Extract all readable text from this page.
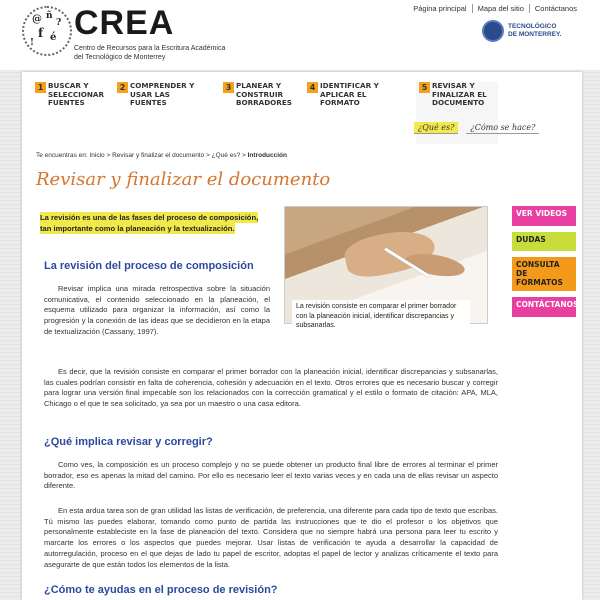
@ ñ
?
f é
!
CREA
Centro de Recursos para la Escritura Académica
del Tecnológico de Monterrey
Página principal	Mapa del sitio	Contáctanos
TECNOLÓGICO
DE MONTERREY.
1 BUSCAR Y SELECCIONAR FUENTES
2 COMPRENDER Y USAR LAS FUENTES
3 PLANEAR Y CONSTRUIR BORRADORES
4 IDENTIFICAR Y APLICAR EL FORMATO
5 REVISAR Y FINALIZAR EL DOCUMENTO
¿Qué es?	¿Cómo se hace?
Te encuentras en: Inicio > Revisar y finalizar el documento > ¿Qué es? > Introducción
Revisar y finalizar el documento
La revisión es una de las fases del proceso de composición, tan importante como la planeación y la textualización.
La revisión del proceso de composición
Revisar implica una mirada retrospectiva sobre la situación comunicativa, el contenido seleccionado en la planeación, el esquema utilizado para organizar la información, así como la progresión y la conexión de las ideas que se decidieron en la etapa de textualización (Cassany, 1997).
La revisión consiste en comparar el primer borrador con la planeación inicial, identificar discrepancias y subsanarlas.
VER VIDEOS
DUDAS
CONSULTA DE FORMATOS
CONTÁCTANOS
Es decir, que la revisión consiste en comparar el primer borrador con la planeación inicial, identificar discrepancias y subsanarlas, las cuales podrían consistir en falta de coherencia, cohesión y adecuación en el texto. Otros errores que es necesario buscar y corregir para lograr una versión final impecable son los relacionados con la corrección gramatical y el estilo o formato de citación: APA, MLA, Chicago o el que te sea solicitado, ya sea por un maestro o una casa editora.
¿Qué implica revisar y corregir?
Como ves, la composición es un proceso complejo y no se puede obtener un producto final libre de errores al terminar el primer borrador, eso es apenas la mitad del camino. Por ello es necesario leer el texto varias veces y en cada una de ellas revisar un aspecto diferente.
En esta ardua tarea son de gran utilidad las listas de verificación, de preferencia, una diferente para cada tipo de texto que escribas. Tú mismo las puedes elaborar, tomando como punto de partida las instrucciones que te dio el profesor o los objetivos que personalmente estableciste en la fase de planeación del texto. Considera que no siempre habrá una persona para leer tu escrito y marcarte los errores o los aspectos que puedes mejorar. Usar listas de verificación te ayuda a desarrollar la capacidad de autorregulación, proceso en el que dejas de lado tu papel de escritor, adoptas el papel de lector y analizas críticamente el texto para asegurarte de que están todos los elementos de la lista.
¿Cómo te ayudas en el proceso de revisión?
